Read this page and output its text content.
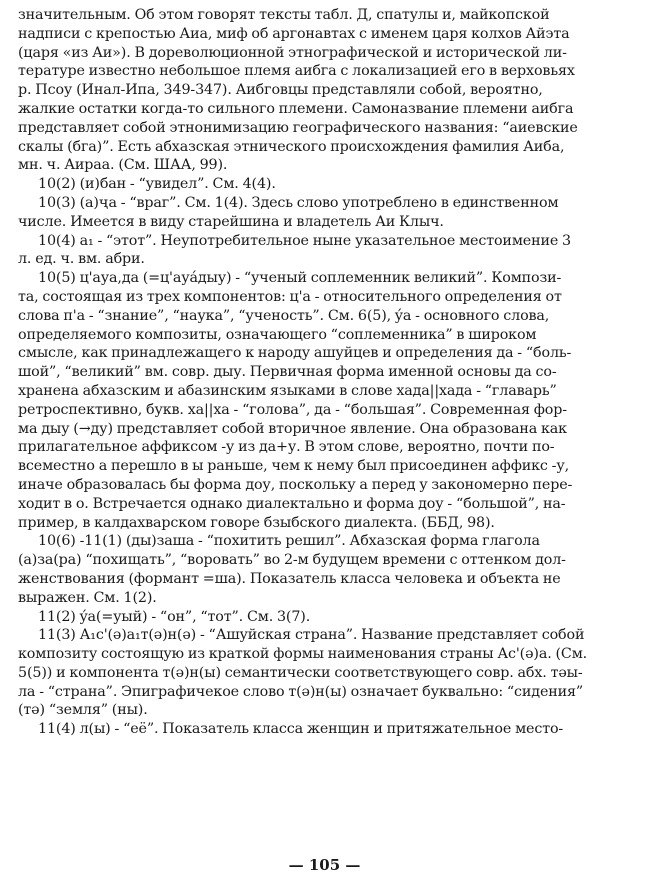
значительным. Об этом говорят тексты табл. Д, спатулы и, майкопской
надписи с крепостью Аиа, миф об аргонавтах с именем царя колхов Айэта
(царя «из Аи»). В дореволюционной этнографической и исторической ли-
тературе известно небольшое племя аибга с локализацией его в верховьях
р. Псоу (Инал-Ипа, 349-347). Аибговцы представляли собой, вероятно,
жалкие остатки когда-то сильного племени. Самоназвание племени аибга
представляет собой этнонимизацию географического названия: “аиевские
скалы (бга)”. Есть абхазская этнического происхождения фамилия Аиба,
мн. ч. Аираа. (См. ШАА, 99).
10(2) (и)бан - “увидел”. См. 4(4).
10(3) (а)ҷа - “враг”. См. 1(4). Здесь слово употреблено в единственном
числе. Имеется в виду старейшина и владетель Аи Клыч.
10(4) а₁ - “этот”. Неупотребительное ныне указательное местоимение 3
л. ед. ч. вм. абри.
10(5) ц'ауа,да (=ц'ауáдыу) - “ученый соплеменник великий”. Компози-
та, состоящая из трех компонентов: ц'а - относительного определения от
слова п'а - “знание”, “наука”, “ученость”. См. 6(5), ýа - основного слова,
определяемого композиты, означающего “соплеменника” в широком
смысле, как принадлежащего к народу ашуйцев и определения да - “боль-
шой”, “великий” вм. совр. дыу. Первичная форма именной основы да со-
хранена абхазским и абазинским языками в слове хада||хада - “главарь”
ретроспективно, букв. ха||ха - “голова”, да - “большая”. Современная фор-
ма дыу (→ду) представляет собой вторичное явление. Она образована как
прилагательное аффиксом -у из да+у. В этом слове, вероятно, почти по-
всеместно а перешло в ы раньше, чем к нему был присоединен аффикс -у,
иначе образовалась бы форма доу, поскольку а перед у закономерно пере-
ходит в о. Встречается однако диалектально и форма доу - “большой”, на-
пример, в калдахварском говоре бзыбского диалекта. (ББД, 98).
10(6) -11(1) (ды)зашa - “похитить решил”. Абхазская форма глагола
(а)за(ра) “похищать”, “воровать” во 2-м будущем времени с оттенком дол-
женствования (формант =ша). Показатель класса человека и объекта не
выражен. См. 1(2).
11(2) ýа(=уый) - “он”, “тот”. См. 3(7).
11(3) А₁с'(ә)а₁т(ә)н(ә) - “Ашуйская страна”. Название представляет собой
композиту состоящую из краткой формы наименования страны Ас'(ә)а. (См.
5(5)) и компонента т(ә)н(ы) семантически соответствующего совр. абх. тәы-
ла - “страна”. Эпиграфичекое слово т(ә)н(ы) означает буквально: “сидения”
(тә) “земля” (ны).
11(4) л(ы) - “её”. Показатель класса женщин и притяжательное место-
— 105 —
